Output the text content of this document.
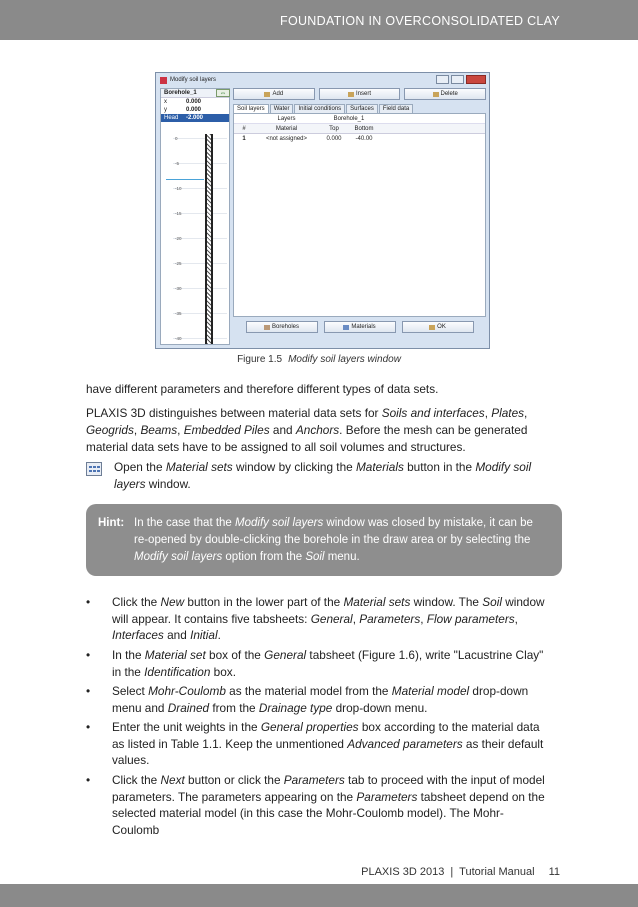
FOUNDATION IN OVERCONSOLIDATED CLAY
Modify soil layers
Borehole_1
x	0.000
y	0.000
Head	-2.000
0
-5
-10
-15
-20
-25
-30
-35
-40
⇔	Add	Insert	Delete
Soil layers	Water	Initial conditions	Surfaces	Field data
Layers	Borehole_1
#	Material	Top	Bottom
1	<not assigned>	0.000	-40.00
Boreholes	Materials	OK
Figure 1.5 Modify soil layers window
have different parameters and therefore different types of data sets.
PLAXIS 3D distinguishes between material data sets for Soils and interfaces, Plates, Geogrids, Beams, Embedded Piles and Anchors. Before the mesh can be generated material data sets have to be assigned to all soil volumes and structures.
Open the Material sets window by clicking the Materials button in the Modify soil layers window.
Hint: In the case that the Modify soil layers window was closed by mistake, it can be re-opened by double-clicking the borehole in the draw area or by selecting the Modify soil layers option from the Soil menu.
• Click the New button in the lower part of the Material sets window. The Soil window will appear. It contains five tabsheets: General, Parameters, Flow parameters, Interfaces and Initial.
• In the Material set box of the General tabsheet (Figure 1.6), write "Lacustrine Clay" in the Identification box.
• Select Mohr-Coulomb as the material model from the Material model drop-down menu and Drained from the Drainage type drop-down menu.
• Enter the unit weights in the General properties box according to the material data as listed in Table 1.1. Keep the unmentioned Advanced parameters as their default values.
• Click the Next button or click the Parameters tab to proceed with the input of model parameters. The parameters appearing on the Parameters tabsheet depend on the selected material model (in this case the Mohr-Coulomb model). The Mohr-Coulomb
PLAXIS 3D 2013 | Tutorial Manual 11
